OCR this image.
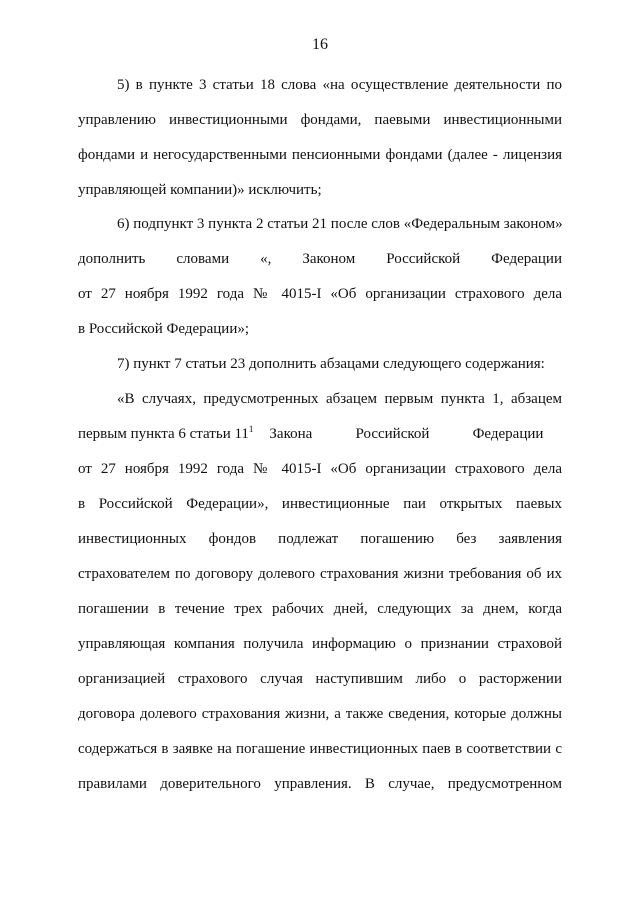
16
5) в пункте 3 статьи 18 слова «на осуществление деятельности по
управлению инвестиционными фондами, паевыми инвестиционными
фондами и негосударственными пенсионными фондами (далее - лицензия
управляющей компании)» исключить;
6) подпункт 3 пункта 2 статьи 21 после слов «Федеральным законом»
дополнить словами «, Законом Российской Федерации
от 27 ноября 1992 года № 4015-I «Об организации страхового дела
в Российской Федерации»;
7) пункт 7 статьи 23 дополнить абзацами следующего содержания:
«В случаях, предусмотренных абзацем первым пункта 1, абзацем
первым пункта 6 статьи $11^1Закона$ Российской Федерации
от 27 ноября 1992 года № 4015-I «Об организации страхового дела
в Российской Федерации», инвестиционные паи открытых паевых
инвестиционных фондов подлежат погашению без заявления
страхователем по договору долевого страхования жизни требования об их
погашении в течение трех рабочих дней, следующих за днем, когда
управляющая компания получила информацию о признании страховой
организацией страхового случая наступившим либо о расторжении
договора долевого страхования жизни, а также сведения, которые должны
содержаться в заявке на погашение инвестиционных паев в соответствии с
правилами доверительного управления. В случае, предусмотренном
